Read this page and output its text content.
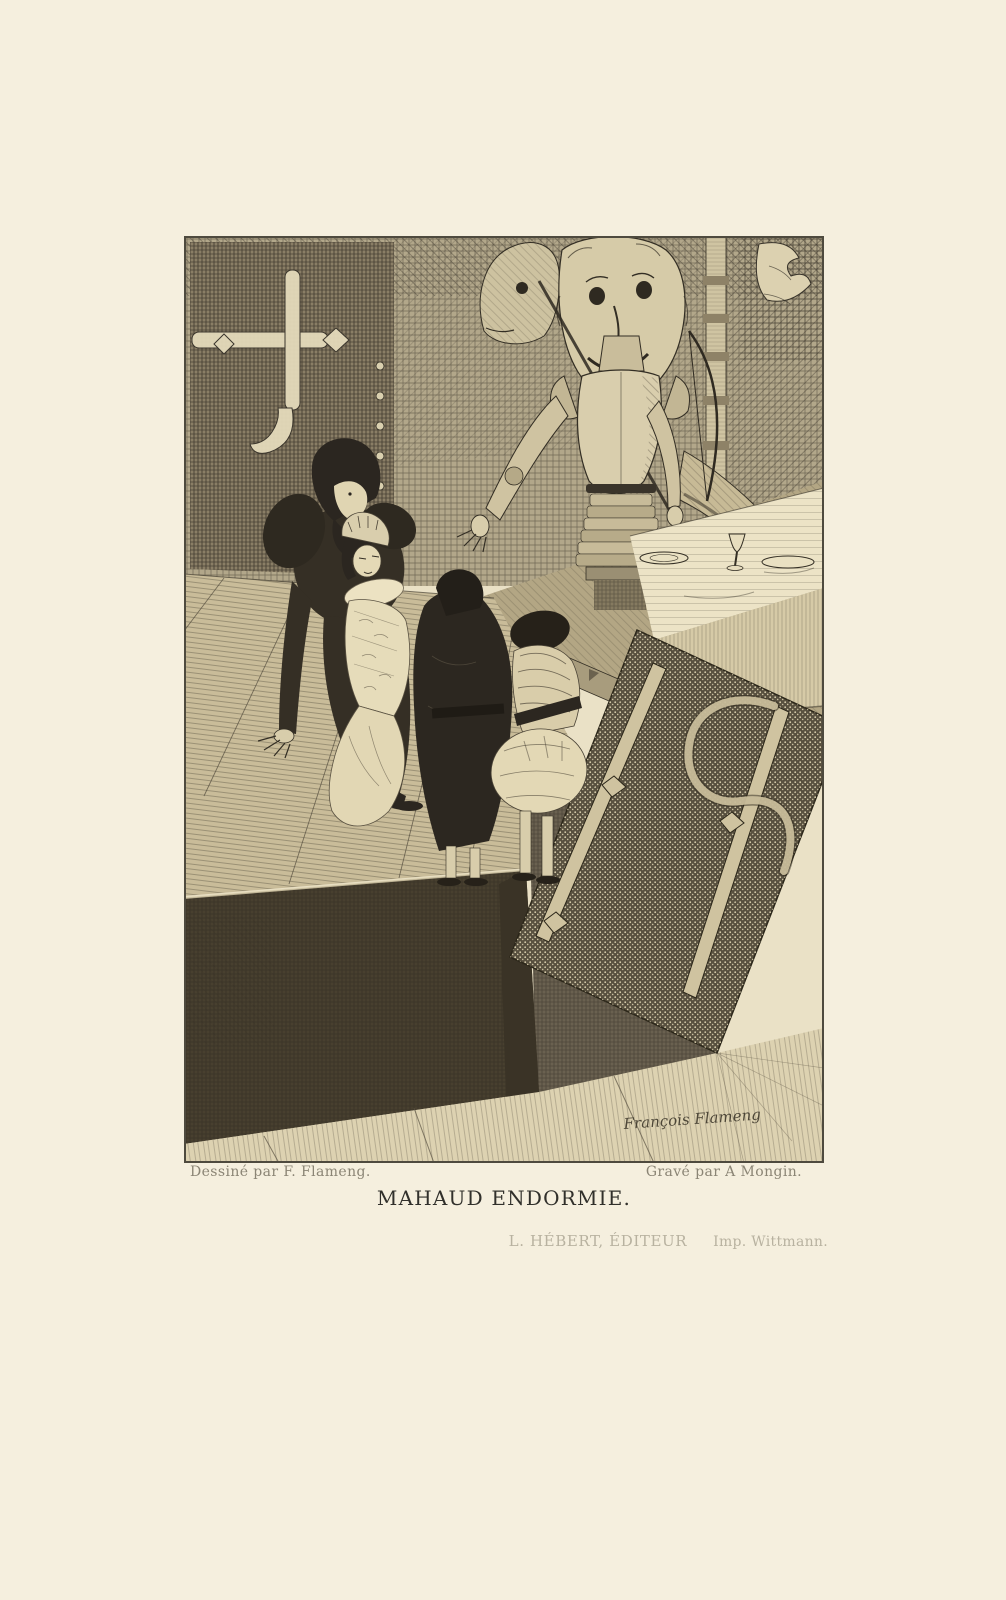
François Flameng
Dessiné par F. Flameng.	Gravé par A Mongin.
MAHAUD ENDORMIE.
L. HÉBERT, ÉDITEUR Imp. Wittmann.
